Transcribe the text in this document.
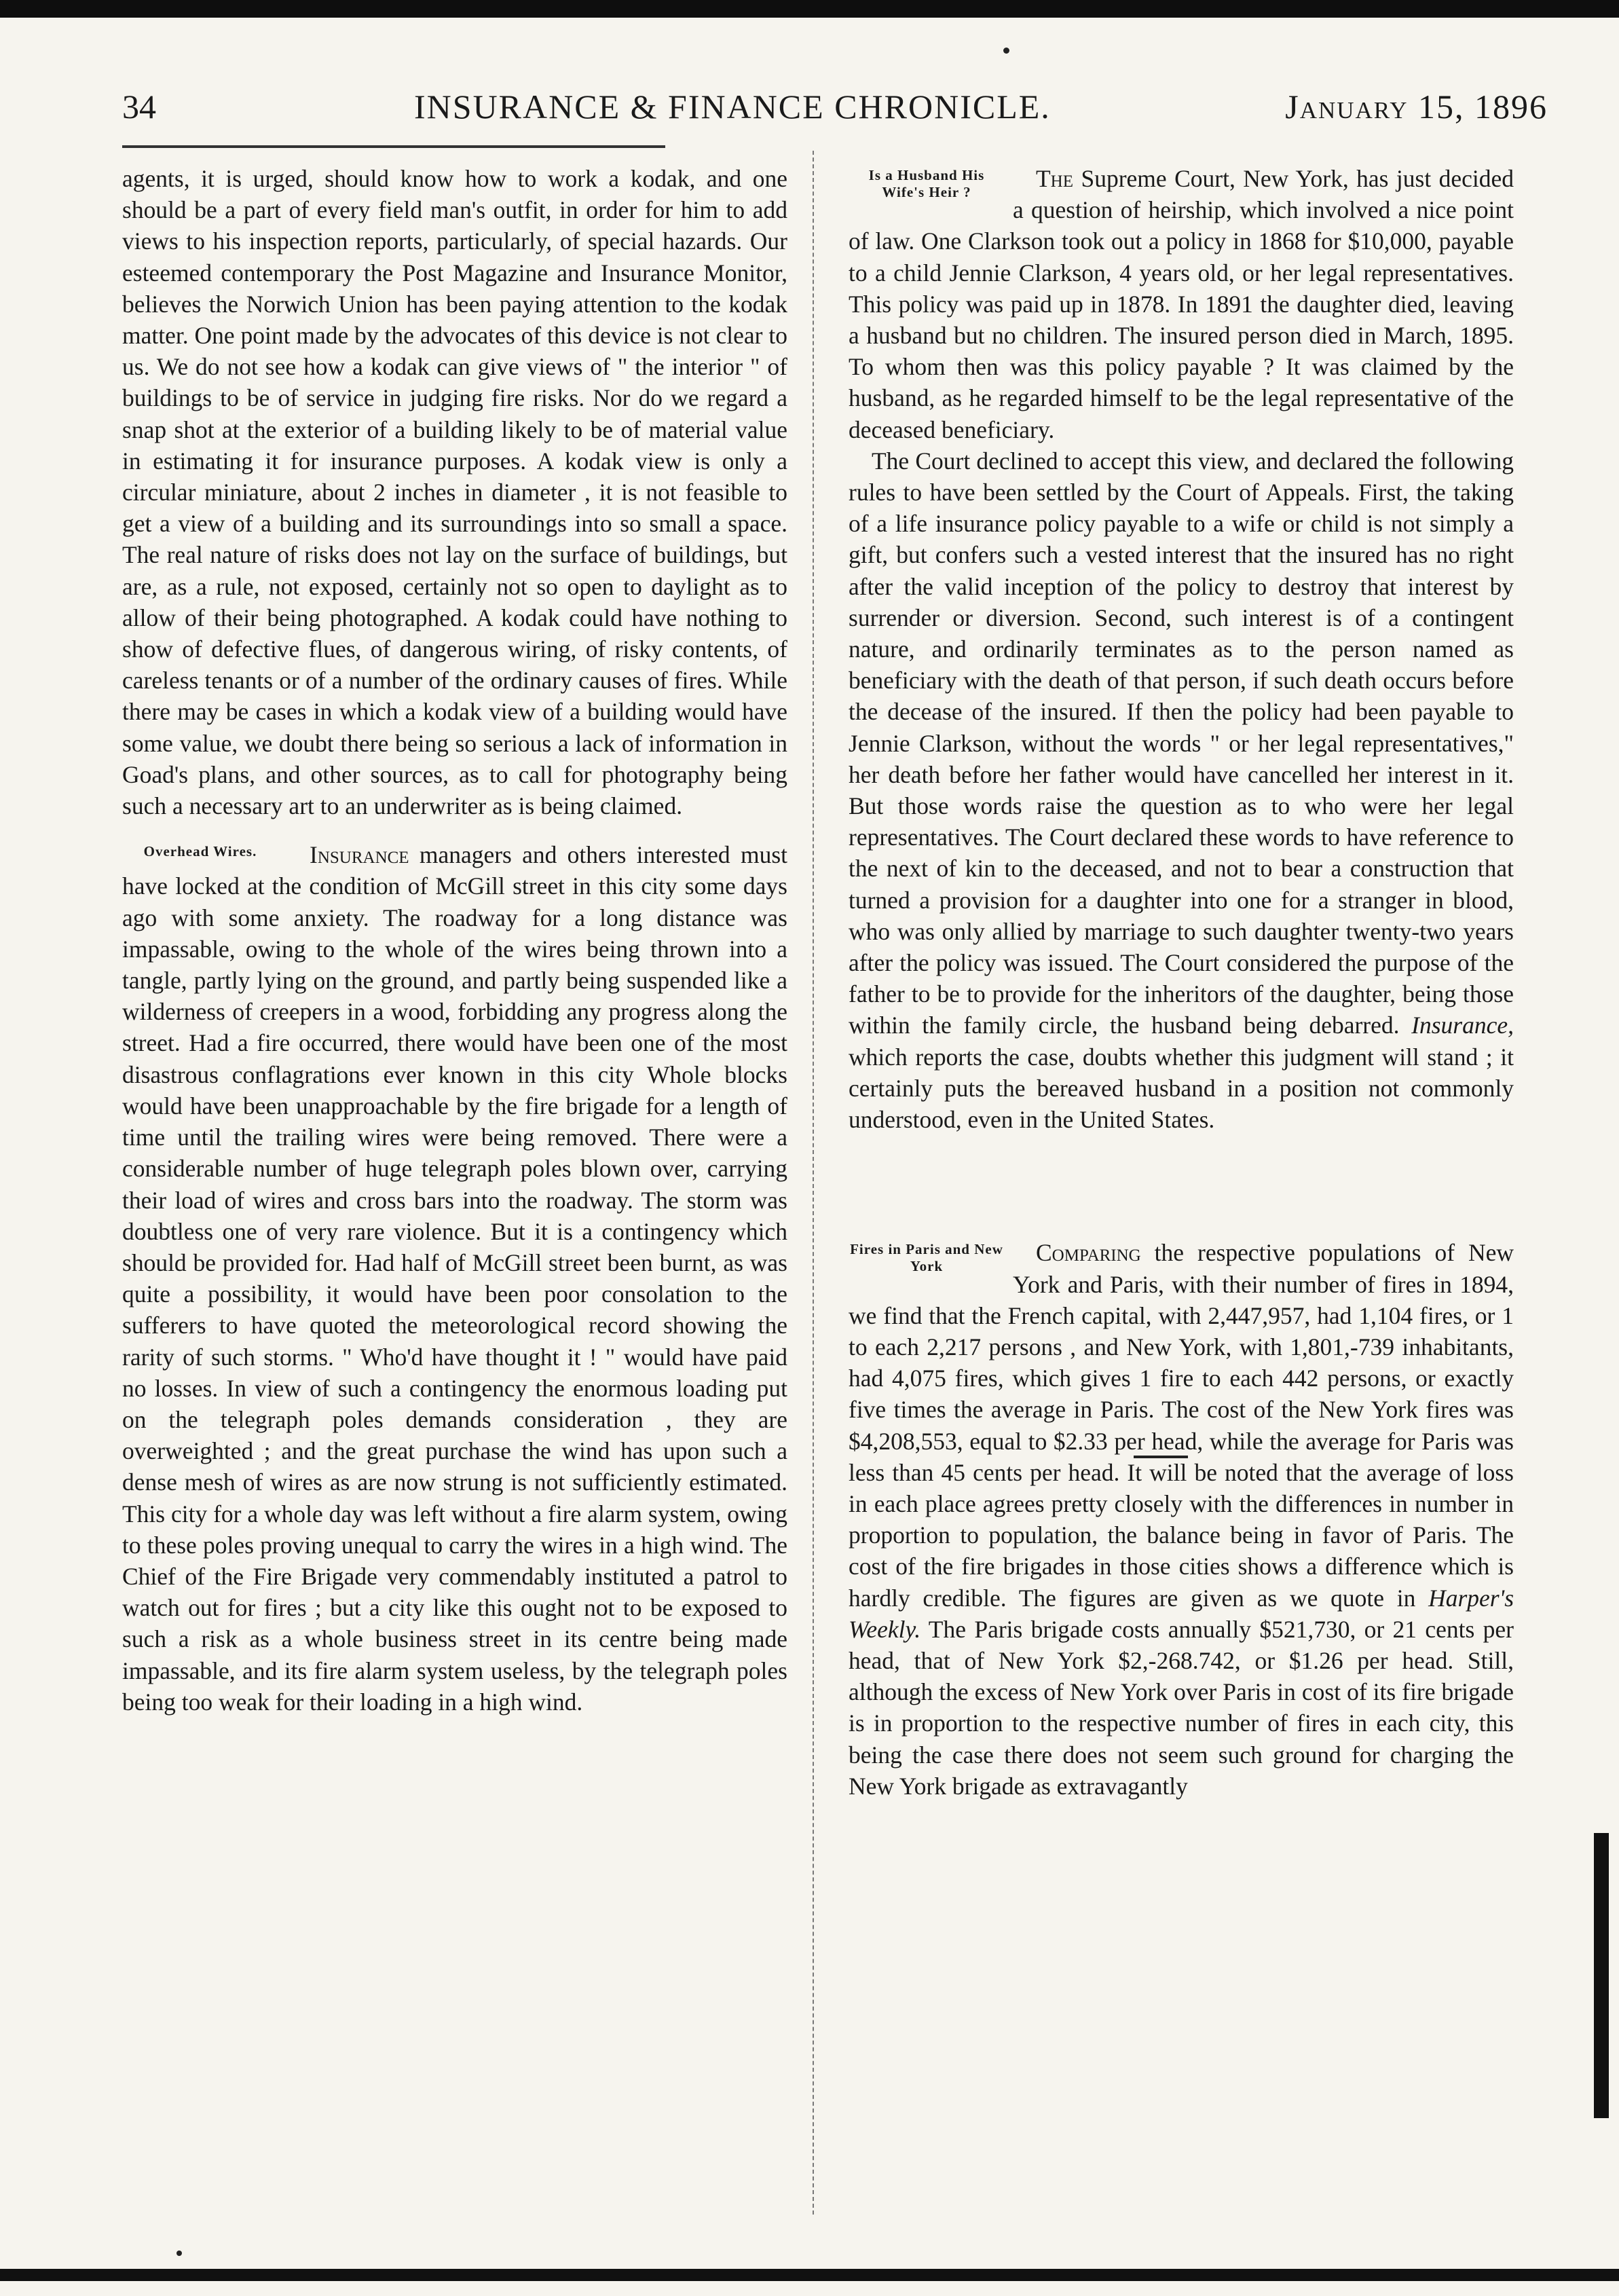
34	INSURANCE & FINANCE CHRONICLE.	January 15, 1896

agents, it is urged, should know how to work a kodak, and one should be a part of every field man's outfit, in order for him to add views to his inspection reports, particularly, of special hazards. Our esteemed contemporary the Post Magazine and Insurance Monitor, believes the Norwich Union has been paying attention to the kodak matter. One point made by the advocates of this device is not clear to us. We do not see how a kodak can give views of " the interior " of buildings to be of service in judging fire risks. Nor do we regard a snap shot at the exterior of a building likely to be of material value in estimating it for insurance purposes. A kodak view is only a circular miniature, about 2 inches in diameter , it is not feasible to get a view of a building and its surroundings into so small a space. The real nature of risks does not lay on the surface of buildings, but are, as a rule, not exposed, certainly not so open to daylight as to allow of their being photographed. A kodak could have nothing to show of defective flues, of dangerous wiring, of risky contents, of careless tenants or of a number of the ordinary causes of fires. While there may be cases in which a kodak view of a building would have some value, we doubt there being so serious a lack of information in Goad's plans, and other sources, as to call for photography being such a necessary art to an underwriter as is being claimed.

Overhead Wires.	Insurance managers and others interested must have locked at the condition of McGill street in this city some days ago with some anxiety. The roadway for a long distance was impassable, owing to the whole of the wires being thrown into a tangle, partly lying on the ground, and partly being suspended like a wilderness of creepers in a wood, forbidding any progress along the street. Had a fire occurred, there would have been one of the most disastrous conflagrations ever known in this city Whole blocks would have been unapproachable by the fire brigade for a length of time until the trailing wires were being removed. There were a considerable number of huge telegraph poles blown over, carrying their load of wires and cross bars into the roadway. The storm was doubtless one of very rare violence. But it is a contingency which should be provided for. Had half of McGill street been burnt, as was quite a possibility, it would have been poor consolation to the sufferers to have quoted the meteorological record showing the rarity of such storms. " Who'd have thought it ! " would have paid no losses. In view of such a contingency the enormous loading put on the telegraph poles demands consideration , they are overweighted ; and the great purchase the wind has upon such a dense mesh of wires as are now strung is not sufficiently estimated. This city for a whole day was left without a fire alarm system, owing to these poles proving unequal to carry the wires in a high wind. The Chief of the Fire Brigade very commendably instituted a patrol to watch out for fires ; but a city like this ought not to be exposed to such a risk as a whole business street in its centre being made impassable, and its fire alarm system useless, by the telegraph poles being too weak for their loading in a high wind.

Is a Husband His Wife's Heir ?	The Supreme Court, New York, has just decided a question of heirship, which involved a nice point of law. One Clarkson took out a policy in 1868 for $10,000, payable to a child Jennie Clarkson, 4 years old, or her legal representatives. This policy was paid up in 1878. In 1891 the daughter died, leaving a husband but no children. The insured person died in March, 1895. To whom then was this policy payable ? It was claimed by the husband, as he regarded himself to be the legal representative of the deceased beneficiary.

The Court declined to accept this view, and declared the following rules to have been settled by the Court of Appeals. First, the taking of a life insurance policy payable to a wife or child is not simply a gift, but confers such a vested interest that the insured has no right after the valid inception of the policy to destroy that interest by surrender or diversion. Second, such interest is of a contingent nature, and ordinarily terminates as to the person named as beneficiary with the death of that person, if such death occurs before the decease of the insured. If then the policy had been payable to Jennie Clarkson, without the words " or her legal representatives," her death before her father would have cancelled her interest in it. But those words raise the question as to who were her legal representatives. The Court declared these words to have reference to the next of kin to the deceased, and not to bear a construction that turned a provision for a daughter into one for a stranger in blood, who was only allied by marriage to such daughter twenty-two years after the policy was issued. The Court considered the purpose of the father to be to provide for the inheritors of the daughter, being those within the family circle, the husband being debarred. Insurance, which reports the case, doubts whether this judgment will stand ; it certainly puts the bereaved husband in a position not commonly understood, even in the United States.

Fires in Paris and New York	Comparing the respective populations of New York and Paris, with their number of fires in 1894, we find that the French capital, with 2,447,957, had 1,104 fires, or 1 to each 2,217 persons , and New York, with 1,801,-739 inhabitants, had 4,075 fires, which gives 1 fire to each 442 persons, or exactly five times the average in Paris. The cost of the New York fires was $4,208,553, equal to $2.33 per head, while the average for Paris was less than 45 cents per head. It will be noted that the average of loss in each place agrees pretty closely with the differences in number in proportion to population, the balance being in favor of Paris. The cost of the fire brigades in those cities shows a difference which is hardly credible. The figures are given as we quote in Harper's Weekly. The Paris brigade costs annually $521,730, or 21 cents per head, that of New York $2,-268.742, or $1.26 per head. Still, although the excess of New York over Paris in cost of its fire brigade is in proportion to the respective number of fires in each city, this being the case there does not seem such ground for charging the New York brigade as extravagantly
